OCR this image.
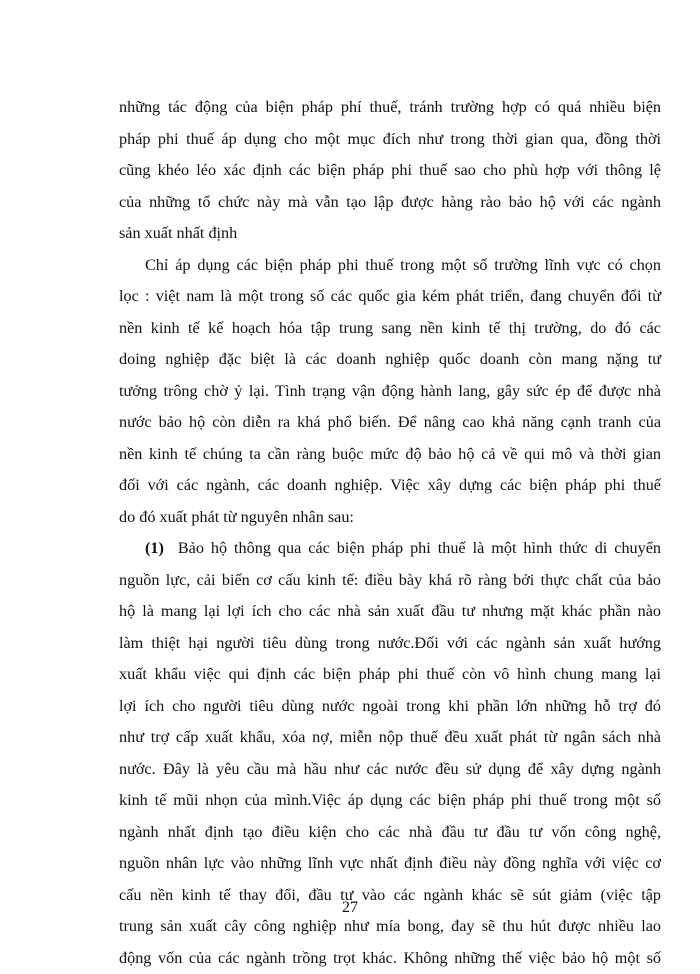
những tác động của biện pháp phí thuế, tránh trường hợp có quá nhiều biện
pháp phi thuế áp dụng cho một mục đích như trong thời gian qua, đồng thời
cũng khéo léo xác định các biện pháp phi thuế sao cho phù hợp với thông lệ
của những tổ chức này mà vẫn tạo lập được hàng rào bảo hộ với các ngành
sản xuất nhất định
Chỉ áp dụng các biện pháp phi thuế trong một số trường lĩnh vực có chọn
lọc : việt nam là một trong số các quốc gia kém phát triển, đang chuyển đổi từ
nền kinh tế kế hoạch hóa tập trung sang nền kinh tế thị trường, do đó các
doing nghiệp đặc biệt là các doanh nghiệp quốc doanh còn mang nặng tư
tưởng trông chờ ỷ lại. Tình trạng vận động hành lang, gây sức ép để được nhà
nước bảo hộ còn diễn ra khá phổ biến. Để nâng cao khả năng cạnh tranh của
nền kinh tế chúng ta cần ràng buộc mức độ bảo hộ cả về qui mô và thời gian
đối với các ngành, các doanh nghiệp. Việc xây dựng các biện pháp phi thuế
do đó xuất phát từ nguyên nhân sau:
(1) Bảo hộ thông qua các biện pháp phi thuế là một hình thức di chuyển
nguồn lực, cải biến cơ cấu kinh tế: điều bày khá rõ ràng bởi thực chất của bảo
hộ là mang lại lợi ích cho các nhà sản xuất đầu tư nhưng mặt khác phần nào
làm thiệt hại người tiêu dùng trong nước.Đối với các ngành sản xuất hướng
xuất khẩu việc qui định các biện pháp phi thuế còn vô hình chung mang lại
lợi ích cho người tiêu dùng nước ngoài trong khi phần lớn những hỗ trợ đó
như trợ cấp xuất khẩu, xóa nợ, miễn nộp thuế đều xuất phát từ ngân sách nhà
nước. Đây là yêu cầu mà hầu như các nước đều sử dụng để xây dựng ngành
kinh tế mũi nhọn của mình.Việc áp dụng các biện pháp phi thuế trong một số
ngành nhất định tạo điều kiện cho các nhà đầu tư đầu tư vốn công nghệ,
nguồn nhân lực vào những lĩnh vực nhất định điều này đồng nghĩa với việc cơ
cấu nền kinh tế thay đổi, đầu tư vào các ngành khác sẽ sút giảm (việc tập
trung sản xuất cây công nghiệp như mía bong, đay sẽ thu hút được nhiều lao
động vốn của các ngành trồng trọt khác. Không những thế việc bảo hộ một số
27
